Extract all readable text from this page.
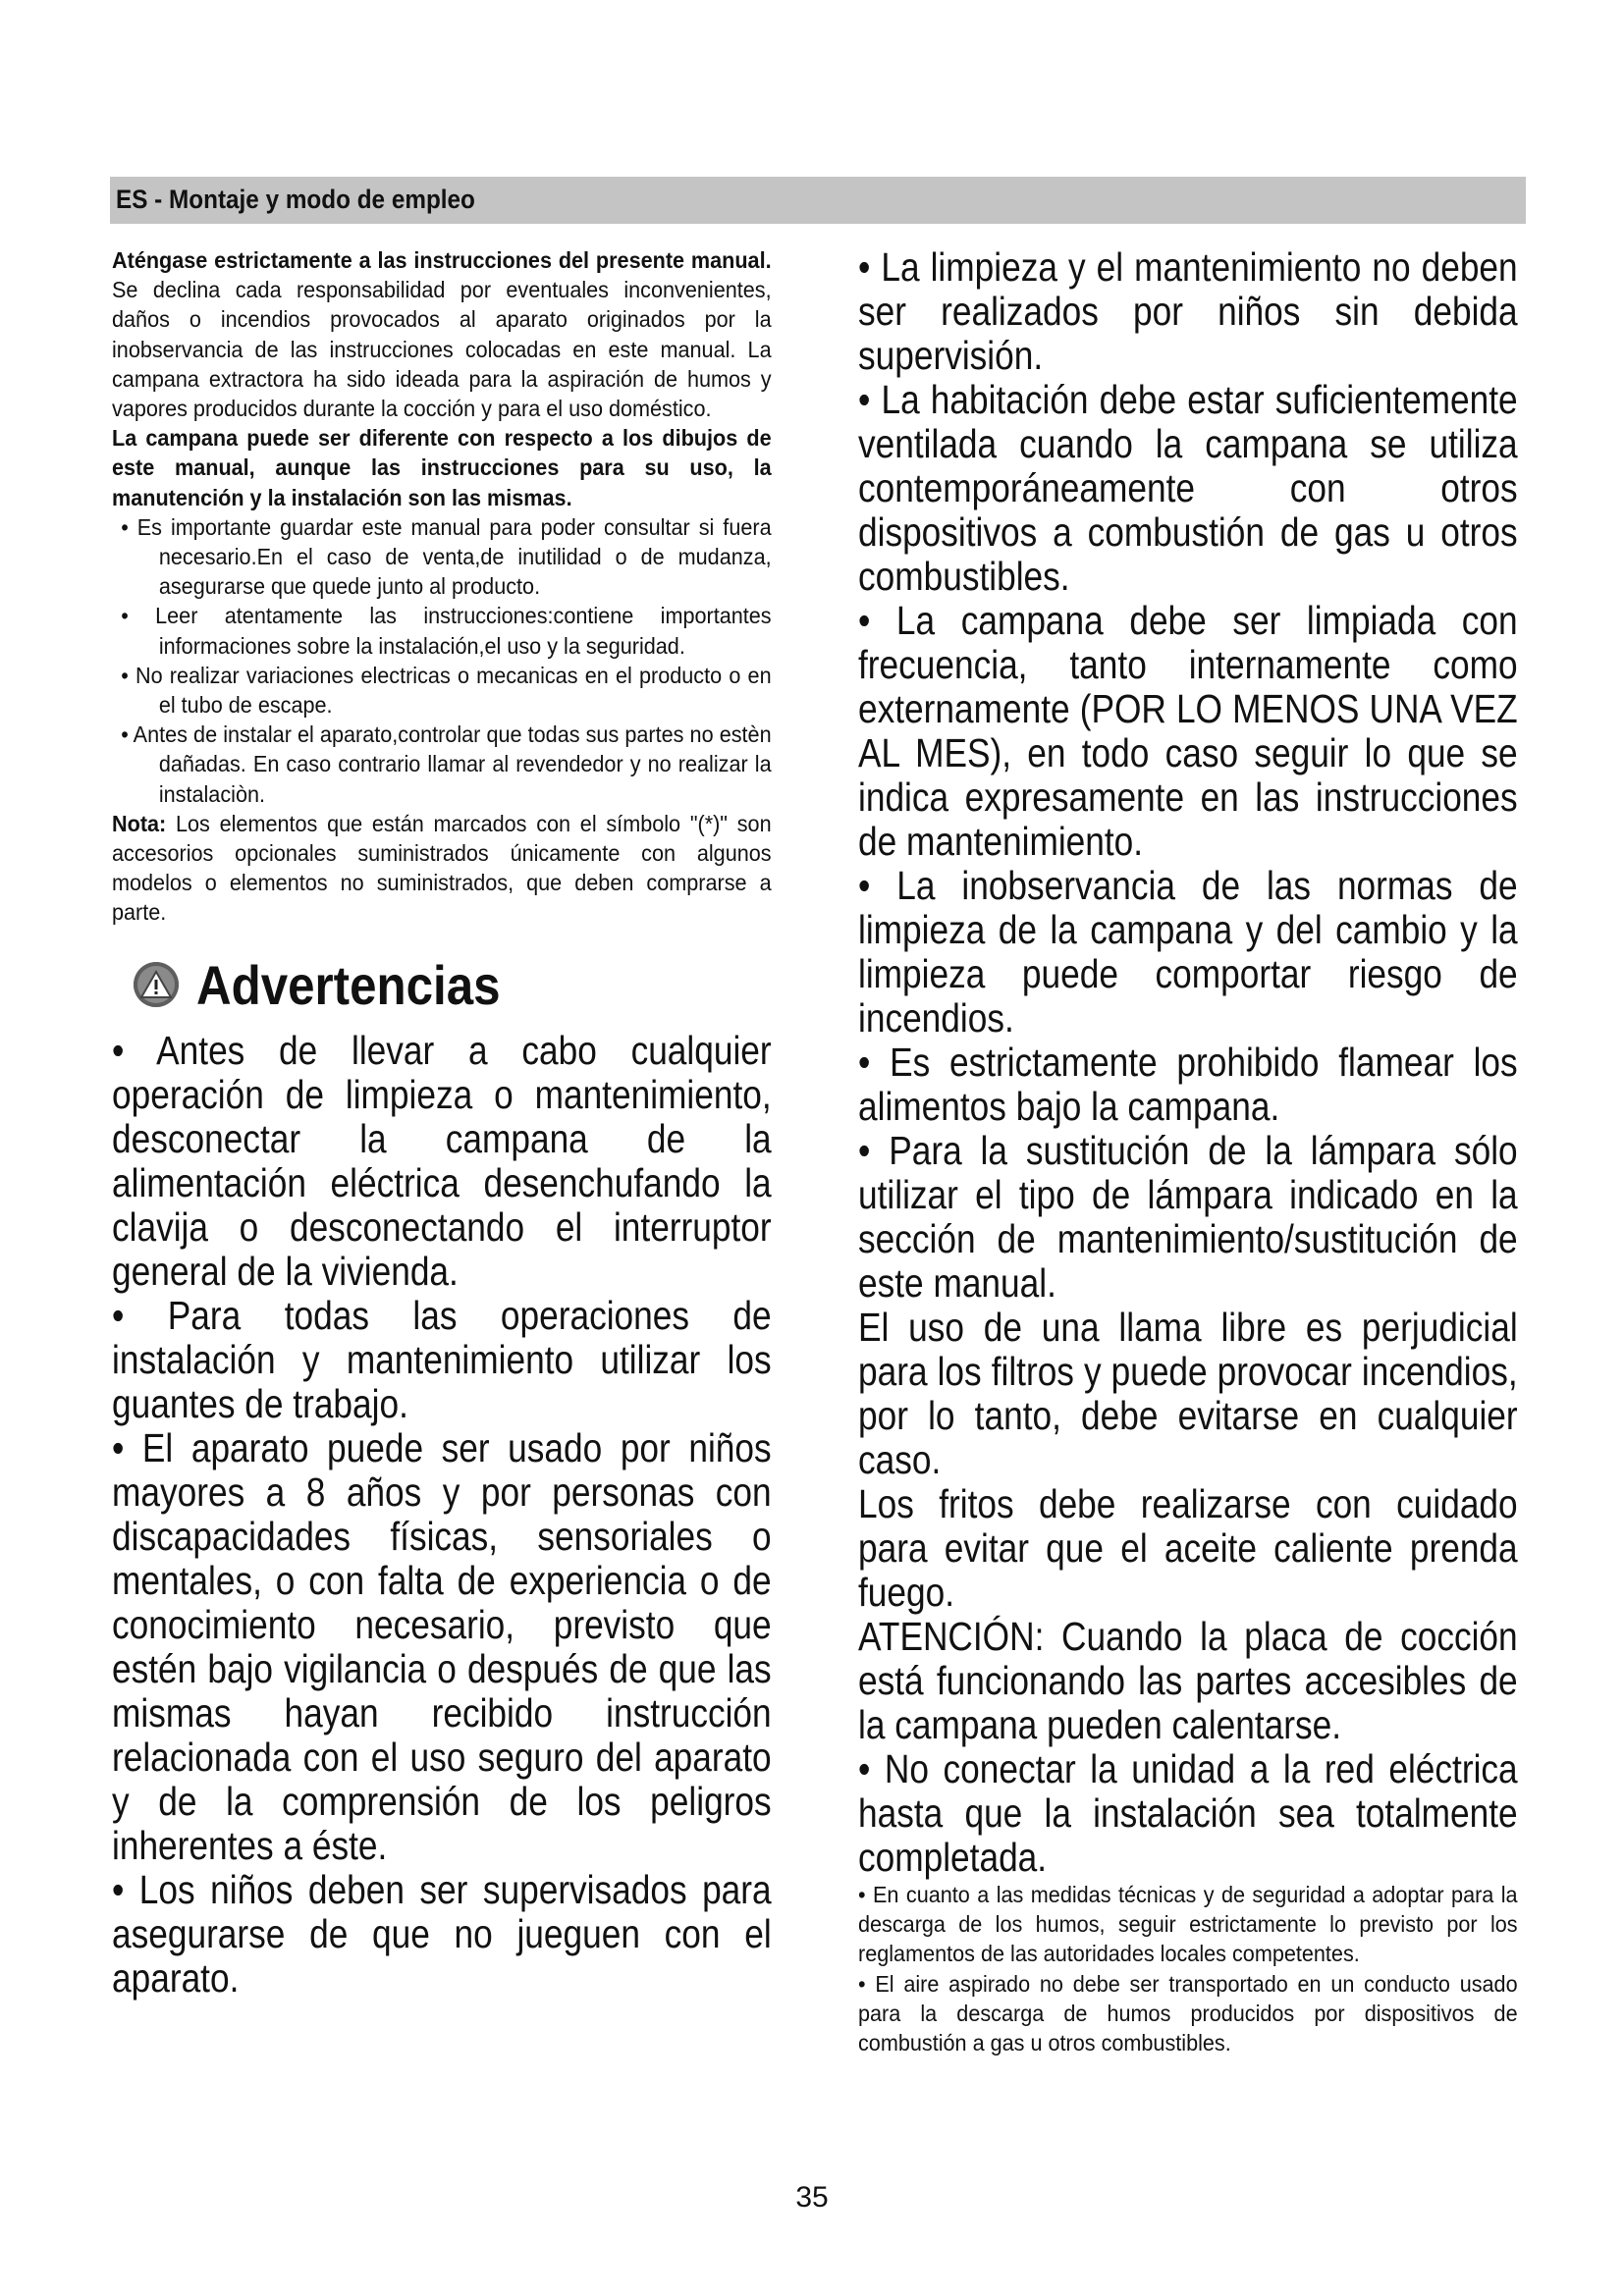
ES - Montaje y modo de empleo

Aténgase estrictamente a las instrucciones del presente manual. Se declina cada responsabilidad por eventuales inconvenientes, daños o incendios provocados al aparato originados por la inobservancia de las instrucciones colocadas en este manual. La campana extractora ha sido ideada para la aspiración de humos y vapores producidos durante la cocción y para el uso doméstico.

La campana puede ser diferente con respecto a los dibujos de este manual, aunque las instrucciones para su uso, la manutención y la instalación son las mismas.

• Es importante guardar este manual para poder consultar si fuera necesario.En el caso de venta,de inutilidad o de mudanza, asegurarse que quede junto al producto.
• Leer atentamente las instrucciones:contiene importantes informaciones sobre la instalación,el uso y la seguridad.
• No realizar variaciones electricas o mecanicas en el producto o en el tubo de escape.
• Antes de instalar el aparato,controlar que todas sus partes no estèn dañadas. En caso contrario llamar al revendedor y no realizar la instalaciòn.

Nota: Los elementos que están marcados con el símbolo "(*)" son accesorios opcionales suministrados únicamente con algunos modelos o elementos no suministrados, que deben comprarse a parte.

Advertencias

• Antes de llevar a cabo cualquier operación de limpieza o mantenimiento, desconectar la campana de la alimentación eléctrica desenchufando la clavija o desconectando el interruptor general de la vivienda.

• Para todas las operaciones de instalación y mantenimiento utilizar los guantes de trabajo.

• El aparato puede ser usado por niños mayores a 8 años y por personas con discapacidades físicas, sensoriales o mentales, o con falta de experiencia o de conocimiento necesario, previsto que estén bajo vigilancia o después de que las mismas hayan recibido instrucción relacionada con el uso seguro del aparato y de la comprensión de los peligros inherentes a éste.

• Los niños deben ser supervisados para asegurarse de que no jueguen con el aparato.

• La limpieza y el mantenimiento no deben ser realizados por niños sin debida supervisión.

• La habitación debe estar suficientemente ventilada cuando la campana se utiliza contemporáneamente con otros dispositivos a combustión de gas u otros combustibles.

• La campana debe ser limpiada con frecuencia, tanto internamente como externamente (POR LO MENOS UNA VEZ AL MES), en todo caso seguir lo que se indica expresamente en las instrucciones de mantenimiento.

• La inobservancia de las normas de limpieza de la campana y del cambio y la limpieza puede comportar riesgo de incendios.

• Es estrictamente prohibido flamear los alimentos bajo la campana.

• Para la sustitución de la lámpara sólo utilizar el tipo de lámpara indicado en la sección de mantenimiento/sustitución de este manual.

El uso de una llama libre es perjudicial para los filtros y puede provocar incendios, por lo tanto, debe evitarse en cualquier caso.

Los fritos debe realizarse con cuidado para evitar que el aceite caliente prenda fuego.

ATENCIÓN: Cuando la placa de cocción está funcionando las partes accesibles de la campana pueden calentarse.

• No conectar la unidad a la red eléctrica hasta que la instalación sea totalmente completada.

• En cuanto a las medidas técnicas y de seguridad a adoptar para la descarga de los humos, seguir estrictamente lo previsto por los reglamentos de las autoridades locales competentes.

• El aire aspirado no debe ser transportado en un conducto usado para la descarga de humos producidos por dispositivos de combustión a gas u otros combustibles.

35
